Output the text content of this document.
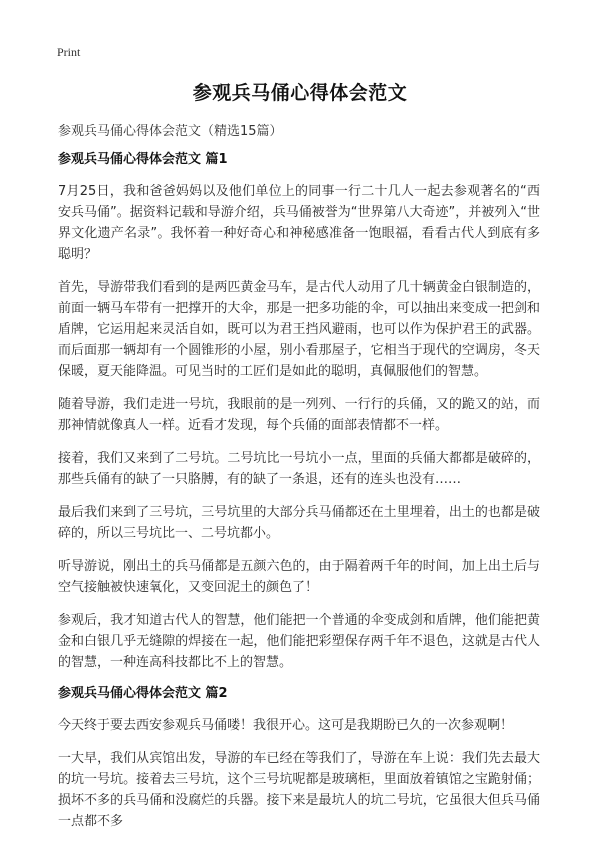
Print
参观兵马俑心得体会范文

参观兵马俑心得体会范文（精选15篇）

参观兵马俑心得体会范文 篇1

7月25日，我和爸爸妈妈以及他们单位上的同事一行二十几人一起去参观著名的“西安兵马俑”。据资料记载和导游介绍，兵马俑被誉为“世界第八大奇迹”，并被列入“世界文化遗产名录”。我怀着一种好奇心和神秘感准备一饱眼福，看看古代人到底有多聪明？

首先，导游带我们看到的是两匹黄金马车，是古代人动用了几十辆黄金白银制造的，前面一辆马车带有一把撑开的大伞，那是一把多功能的伞，可以抽出来变成一把剑和盾牌，它运用起来灵活自如，既可以为君王挡风避雨，也可以作为保护君王的武器。而后面那一辆却有一个圆锥形的小屋，别小看那屋子，它相当于现代的空调房，冬天保暖，夏天能降温。可见当时的工匠们是如此的聪明，真佩服他们的智慧。

随着导游，我们走进一号坑，我眼前的是一列列、一行行的兵俑，又的跪又的站，而那神情就像真人一样。近看才发现，每个兵俑的面部表情都不一样。

接着，我们又来到了二号坑。二号坑比一号坑小一点，里面的兵俑大都都是破碎的，那些兵俑有的缺了一只胳膊，有的缺了一条退，还有的连头也没有……

最后我们来到了三号坑，三号坑里的大部分兵马俑都还在土里埋着，出土的也都是破碎的，所以三号坑比一、二号坑都小。

听导游说，刚出土的兵马俑都是五颜六色的，由于隔着两千年的时间，加上出土后与空气接触被快速氧化，又变回泥土的颜色了！

参观后，我才知道古代人的智慧，他们能把一个普通的伞变成剑和盾牌，他们能把黄金和白银几乎无缝隙的焊接在一起，他们能把彩塑保存两千年不退色，这就是古代人的智慧，一种连高科技都比不上的智慧。

参观兵马俑心得体会范文 篇2

今天终于要去西安参观兵马俑喽！我很开心。这可是我期盼已久的一次参观啊！

一大早，我们从宾馆出发，导游的车已经在等我们了，导游在车上说：我们先去最大的坑一号坑。接着去三号坑，这个三号坑呢都是玻璃柜，里面放着镇馆之宝跪射俑；损坏不多的兵马俑和没腐烂的兵器。接下来是最坑人的坑二号坑，它虽很大但兵马俑一点都不多
